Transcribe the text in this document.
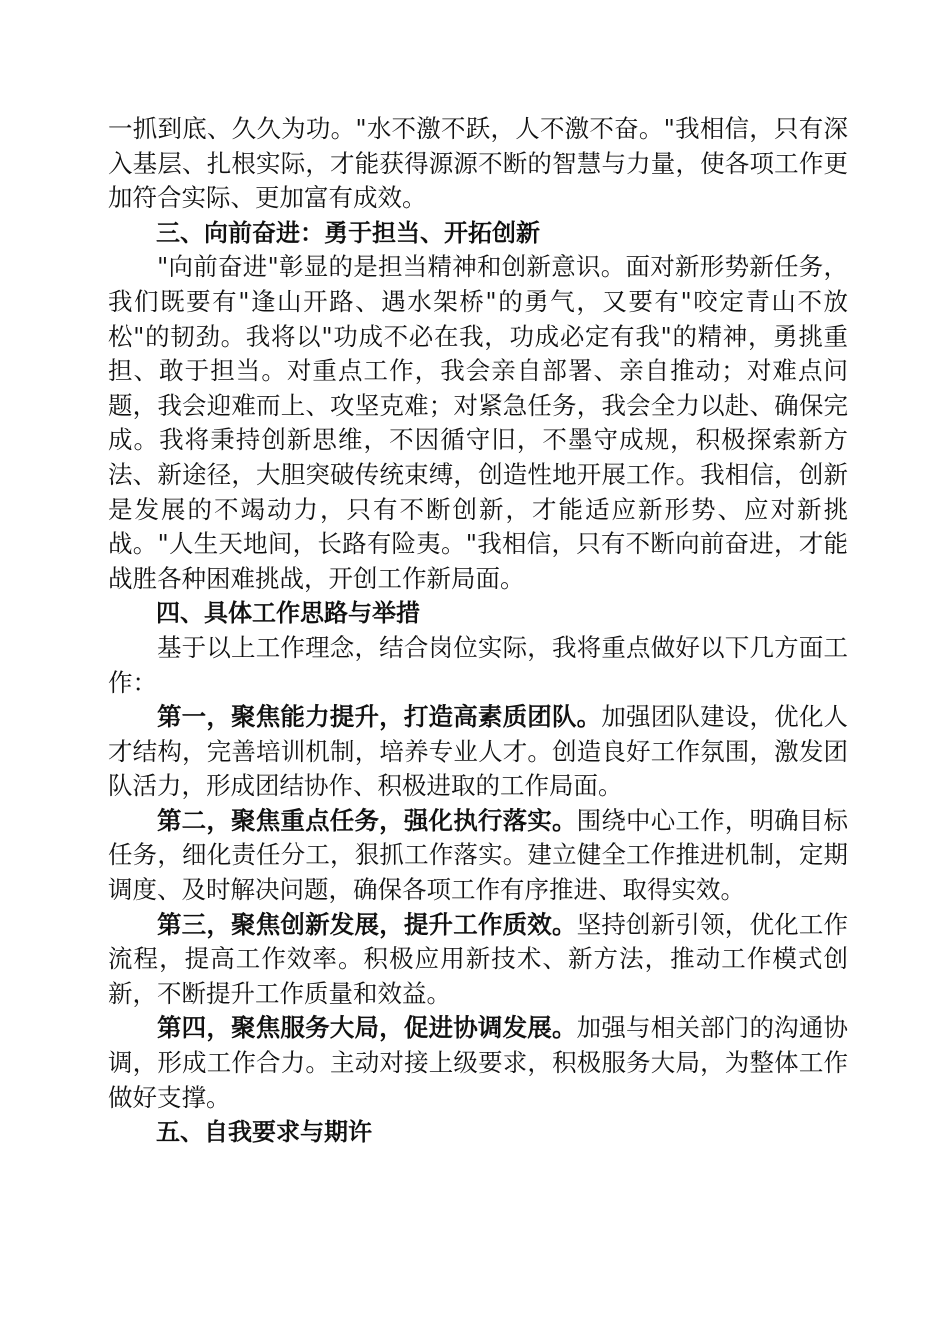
一抓到底、久久为功。"水不激不跃，人不激不奋。"我相信，只有深入基层、扎根实际，才能获得源源不断的智慧与力量，使各项工作更加符合实际、更加富有成效。

三、向前奋进：勇于担当、开拓创新

"向前奋进"彰显的是担当精神和创新意识。面对新形势新任务，我们既要有"逢山开路、遇水架桥"的勇气，又要有"咬定青山不放松"的韧劲。我将以"功成不必在我，功成必定有我"的精神，勇挑重担、敢于担当。对重点工作，我会亲自部署、亲自推动；对难点问题，我会迎难而上、攻坚克难；对紧急任务，我会全力以赴、确保完成。我将秉持创新思维，不因循守旧，不墨守成规，积极探索新方法、新途径，大胆突破传统束缚，创造性地开展工作。我相信，创新是发展的不竭动力，只有不断创新，才能适应新形势、应对新挑战。"人生天地间，长路有险夷。"我相信，只有不断向前奋进，才能战胜各种困难挑战，开创工作新局面。

四、具体工作思路与举措

基于以上工作理念，结合岗位实际，我将重点做好以下几方面工作：

第一，聚焦能力提升，打造高素质团队。加强团队建设，优化人才结构，完善培训机制，培养专业人才。创造良好工作氛围，激发团队活力，形成团结协作、积极进取的工作局面。

第二，聚焦重点任务，强化执行落实。围绕中心工作，明确目标任务，细化责任分工，狠抓工作落实。建立健全工作推进机制，定期调度、及时解决问题，确保各项工作有序推进、取得实效。

第三，聚焦创新发展，提升工作质效。坚持创新引领，优化工作流程，提高工作效率。积极应用新技术、新方法，推动工作模式创新，不断提升工作质量和效益。

第四，聚焦服务大局，促进协调发展。加强与相关部门的沟通协调，形成工作合力。主动对接上级要求，积极服务大局，为整体工作做好支撑。

五、自我要求与期许
